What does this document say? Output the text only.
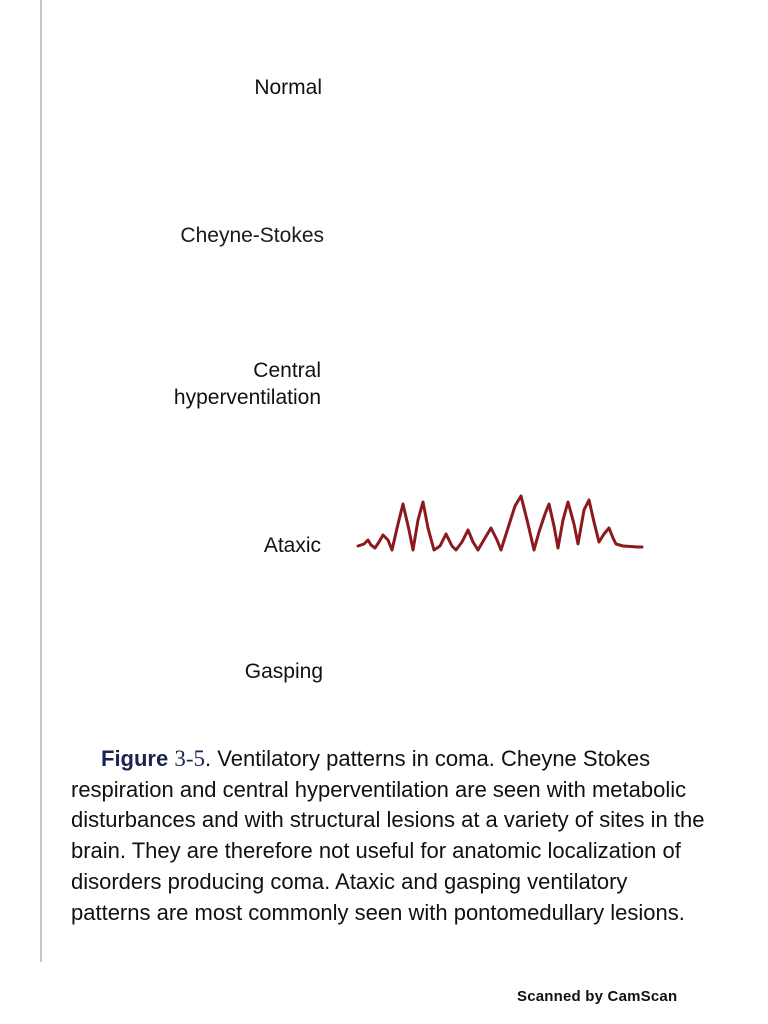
Normal
Cheyne-Stokes
Central
hyperventilation
Ataxic
Gasping
Figure 3-5. Ventilatory patterns in coma. Cheyne Stokes respiration and central hyperventilation are seen with metabolic disturbances and with structural lesions at a variety of sites in the brain. They are therefore not useful for anatomic localization of disorders producing coma. Ataxic and gasping ventilatory patterns are most commonly seen with pontomedullary lesions.
Scanned by CamScan
